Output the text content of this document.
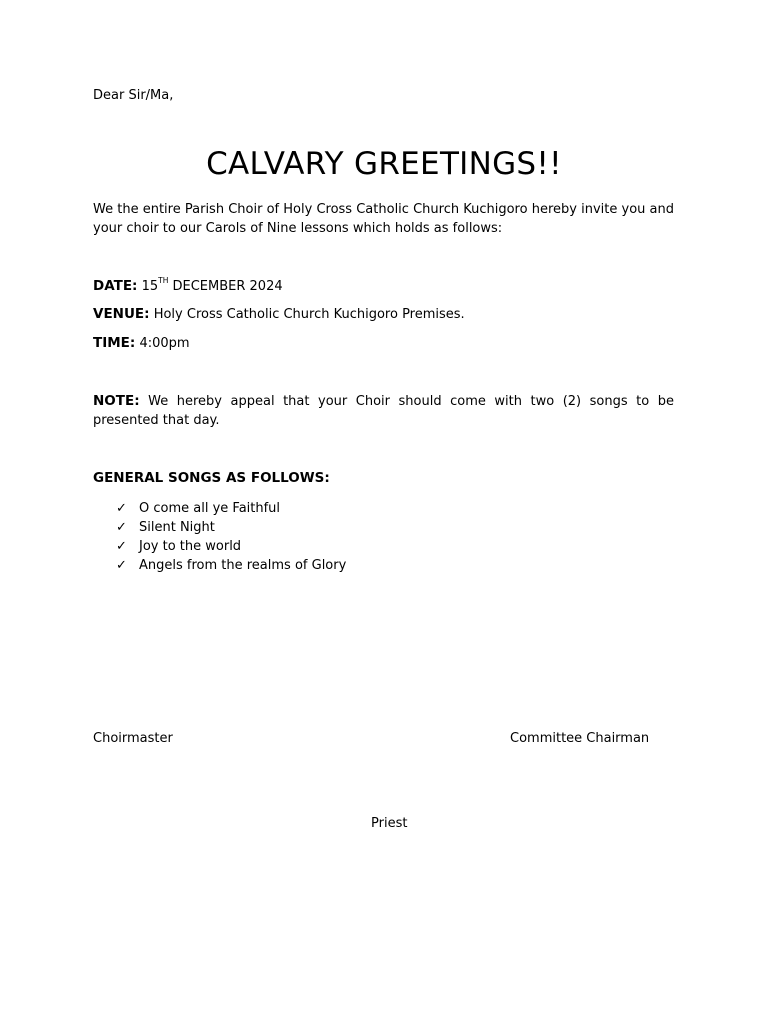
Dear Sir/Ma,
CALVARY GREETINGS!!
We the entire Parish Choir of Holy Cross Catholic Church Kuchigoro hereby invite you and your choir to our Carols of Nine lessons which holds as follows:
DATE: 15TH DECEMBER 2024
VENUE: Holy Cross Catholic Church Kuchigoro Premises.
TIME: 4:00pm
NOTE: We hereby appeal that your Choir should come with two (2) songs to be presented that day.
GENERAL SONGS AS FOLLOWS:
✓ O come all ye Faithful
✓ Silent Night
✓ Joy to the world
✓ Angels from the realms of Glory
Choirmaster	Committee Chairman
Priest
